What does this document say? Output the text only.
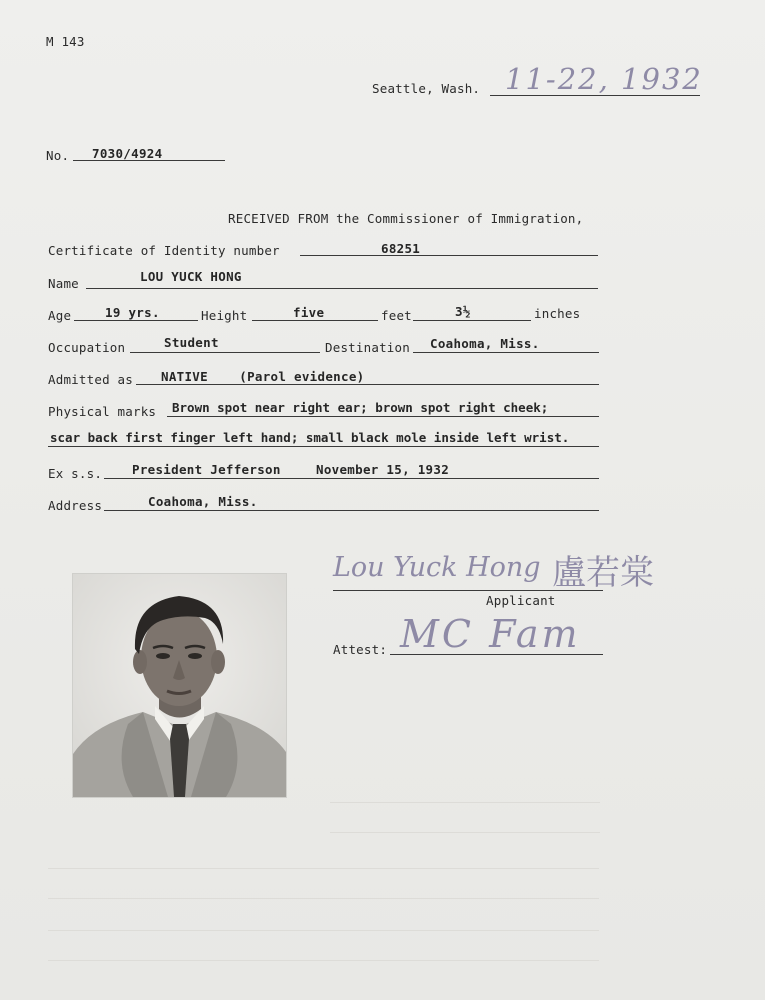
M 143
Seattle, Wash. 11-22, 1932
No. 7030/4924
RECEIVED FROM the Commissioner of Immigration,
Certificate of Identity number	68251
Name	LOU YUCK HONG
Age	19 yrs.	Height	five	feet	3½	inches
Occupation	Student	Destination Coahoma, Miss.
Admitted as NATIVE    (Parol evidence)
Physical marks Brown spot near right ear; brown spot right cheek;
scar back first finger left hand; small black mole inside left wrist.
Ex s.s. President Jefferson	November 15, 1932
Address	Coahoma, Miss.
Lou Yuck Hong 盧若棠
Applicant
Attest: MC Fam
